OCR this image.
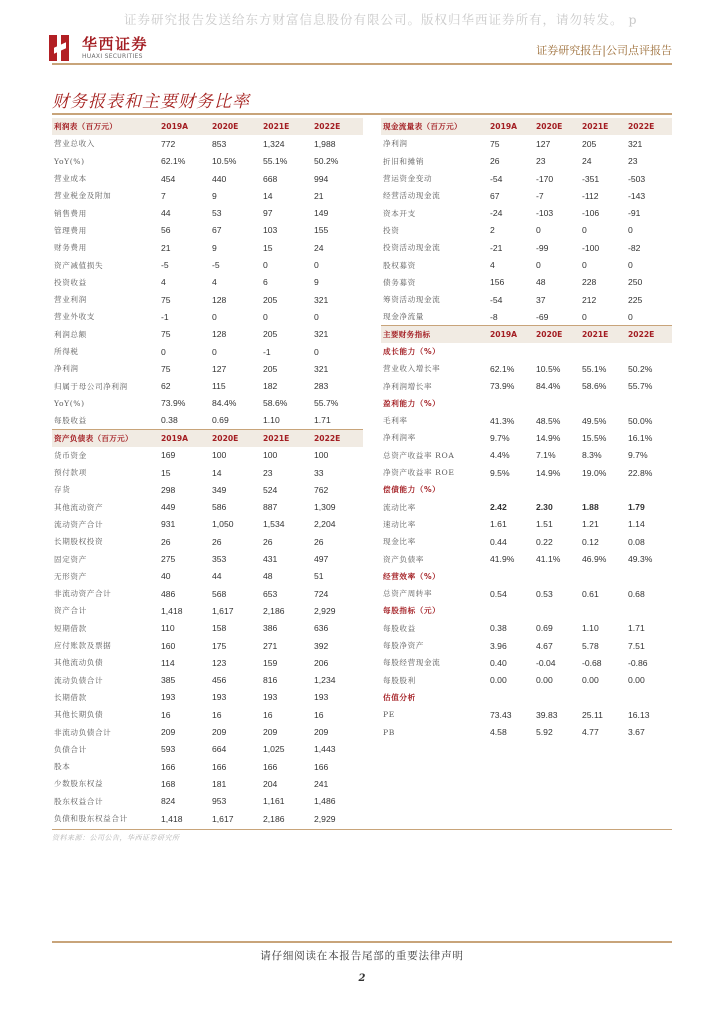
证券研究报告发送给东方财富信息股份有限公司。版权归华西证券所有，请勿转发。 p
华西证券
HUAXI SECURITIES	证券研究报告|公司点评报告
财务报表和主要财务比率
利润表（百万元）	2019A	2020E	2021E	2022E
营业总收入	772	853	1,324	1,988
YoY(%)	62.1%	10.5%	55.1%	50.2%
营业成本	454	440	668	994
营业税金及附加	7	9	14	21
销售费用	44	53	97	149
管理费用	56	67	103	155
财务费用	21	9	15	24
资产减值损失	-5	-5	0	0
投资收益	4	4	6	9
营业利润	75	128	205	321
营业外收支	-1	0	0	0
利润总额	75	128	205	321
所得税	0	0	-1	0
净利润	75	127	205	321
归属于母公司净利润	62	115	182	283
YoY(%)	73.9%	84.4%	58.6%	55.7%
每股收益	0.38	0.69	1.10	1.71
资产负债表（百万元）	2019A	2020E	2021E	2022E
货币资金	169	100	100	100
预付款项	15	14	23	33
存货	298	349	524	762
其他流动资产	449	586	887	1,309
流动资产合计	931	1,050	1,534	2,204
长期股权投资	26	26	26	26
固定资产	275	353	431	497
无形资产	40	44	48	51
非流动资产合计	486	568	653	724
资产合计	1,418	1,617	2,186	2,929
短期借款	110	158	386	636
应付账款及票据	160	175	271	392
其他流动负债	114	123	159	206
流动负债合计	385	456	816	1,234
长期借款	193	193	193	193
其他长期负债	16	16	16	16
非流动负债合计	209	209	209	209
负债合计	593	664	1,025	1,443
股本	166	166	166	166
少数股东权益	168	181	204	241
股东权益合计	824	953	1,161	1,486
负债和股东权益合计	1,418	1,617	2,186	2,929
现金流量表（百万元）	2019A	2020E	2021E	2022E
净利润	75	127	205	321
折旧和摊销	26	23	24	23
营运资金变动	-54	-170	-351	-503
经营活动现金流	67	-7	-112	-143
资本开支	-24	-103	-106	-91
投资	2	0	0	0
投资活动现金流	-21	-99	-100	-82
股权募资	4	0	0	0
债务募资	156	48	228	250
筹资活动现金流	-54	37	212	225
现金净流量	-8	-69	0	0
主要财务指标	2019A	2020E	2021E	2022E
成长能力（%）				
营业收入增长率	62.1%	10.5%	55.1%	50.2%
净利润增长率	73.9%	84.4%	58.6%	55.7%
盈利能力（%）				
毛利率	41.3%	48.5%	49.5%	50.0%
净利润率	9.7%	14.9%	15.5%	16.1%
总资产收益率 ROA	4.4%	7.1%	8.3%	9.7%
净资产收益率 ROE	9.5%	14.9%	19.0%	22.8%
偿债能力（%）				
流动比率	2.42	2.30	1.88	1.79
速动比率	1.61	1.51	1.21	1.14
现金比率	0.44	0.22	0.12	0.08
资产负债率	41.9%	41.1%	46.9%	49.3%
经营效率（%）				
总资产周转率	0.54	0.53	0.61	0.68
每股指标（元）				
每股收益	0.38	0.69	1.10	1.71
每股净资产	3.96	4.67	5.78	7.51
每股经营现金流	0.40	-0.04	-0.68	-0.86
每股股利	0.00	0.00	0.00	0.00
估值分析				
PE	73.43	39.83	25.11	16.13
PB	4.58	5.92	4.77	3.67
资料来源：公司公告，华西证券研究所
请仔细阅读在本报告尾部的重要法律声明
2
